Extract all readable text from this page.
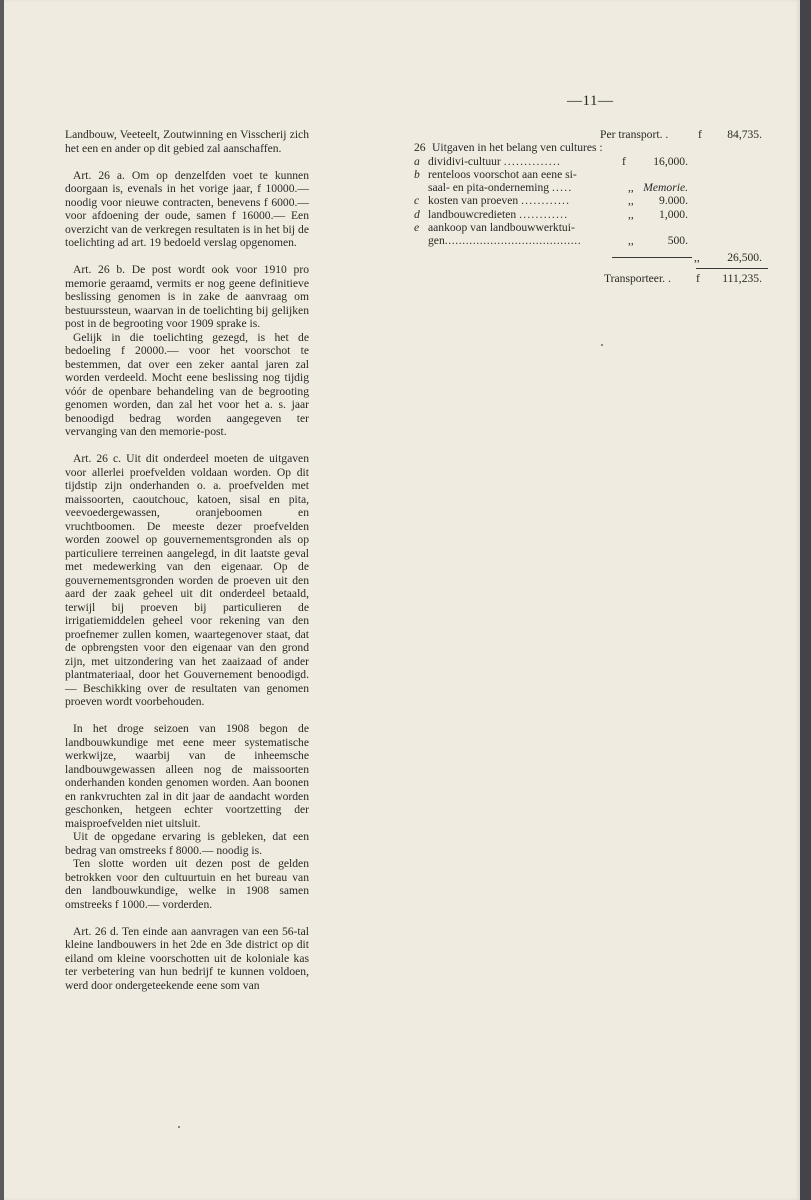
—11—

Landbouw, Veeteelt, Zoutwinning en Visscherij zich het een en ander op dit gebied zal aanschaffen.

Art. 26 a. Om op denzelfden voet te kunnen doorgaan is, evenals in het vorige jaar, f 10000.— noodig voor nieuwe contracten, benevens f 6000.— voor afdoening der oude, samen f 16000.— Een overzicht van de verkregen resultaten is in het bij de toelichting ad art. 19 bedoeld verslag opgenomen.

Art. 26 b. De post wordt ook voor 1910 pro memorie geraamd, vermits er nog geene definitieve beslissing genomen is in zake de aanvraag om bestuurssteun, waarvan in de toelichting bij gelijken post in de begrooting voor 1909 sprake is.

Gelijk in die toelichting gezegd, is het de bedoeling f 20000.— voor het voorschot te bestemmen, dat over een zeker aantal jaren zal worden verdeeld. Mocht eene beslissing nog tijdig vóór de openbare behandeling van de begrooting genomen worden, dan zal het voor het a. s. jaar benoodigd bedrag worden aangegeven ter vervanging van den memorie-post.

Art. 26 c. Uit dit onderdeel moeten de uitgaven voor allerlei proefvelden voldaan worden. Op dit tijdstip zijn onderhanden o. a. proefvelden met maissoorten, caoutchouc, katoen, sisal en pita, veevoedergewassen, oranjeboomen en vruchtboomen. De meeste dezer proefvelden worden zoowel op gouvernementsgronden als op particuliere terreinen aangelegd, in dit laatste geval met medewerking van den eigenaar. Op de gouvernementsgronden worden de proeven uit den aard der zaak geheel uit dit onderdeel betaald, terwijl bij proeven bij particulieren de irrigatiemiddelen geheel voor rekening van den proefnemer zullen komen, waartegenover staat, dat de opbrengsten voor den eigenaar van den grond zijn, met uitzondering van het zaaizaad of ander plantmateriaal, door het Gouvernement benoodigd.— Beschikking over de resultaten van genomen proeven wordt voorbehouden.

In het droge seizoen van 1908 begon de landbouwkundige met eene meer systematische werkwijze, waarbij van de inheemsche landbouwgewassen alleen nog de maissoorten onderhanden konden genomen worden. Aan boonen en rankvruchten zal in dit jaar de aandacht worden geschonken, hetgeen echter voortzetting der maisproefvelden niet uitsluit.

Uit de opgedane ervaring is gebleken, dat een bedrag van omstreeks f 8000.— noodig is.

Ten slotte worden uit dezen post de gelden betrokken voor den cultuurtuin en het bureau van den landbouwkundige, welke in 1908 samen omstreeks f 1000.— vorderden.

Art. 26 d. Ten einde aan aanvragen van een 56-tal kleine landbouwers in het 2de en 3de district op dit eiland om kleine voorschotten uit de koloniale kas ter verbetering van hun bedrijf te kunnen voldoen, werd door ondergeteekende eene som van

Per transport. .	f	84,735.
26 Uitgaven in het belang ven cultures :
a dividivi-cultuur ..............	f	16,000.
b renteloos voorschot aan eene si-
saal- en pita-onderneming .....	,, Memorie.
c kosten van proeven ............	,,	9.000.
d landbouwcredieten ............	,,	1,000.
e aankoop van landbouwwerktui-
gen.......................................	,,	500.
,,	26,500.
Transporteer. . f	111,235.
